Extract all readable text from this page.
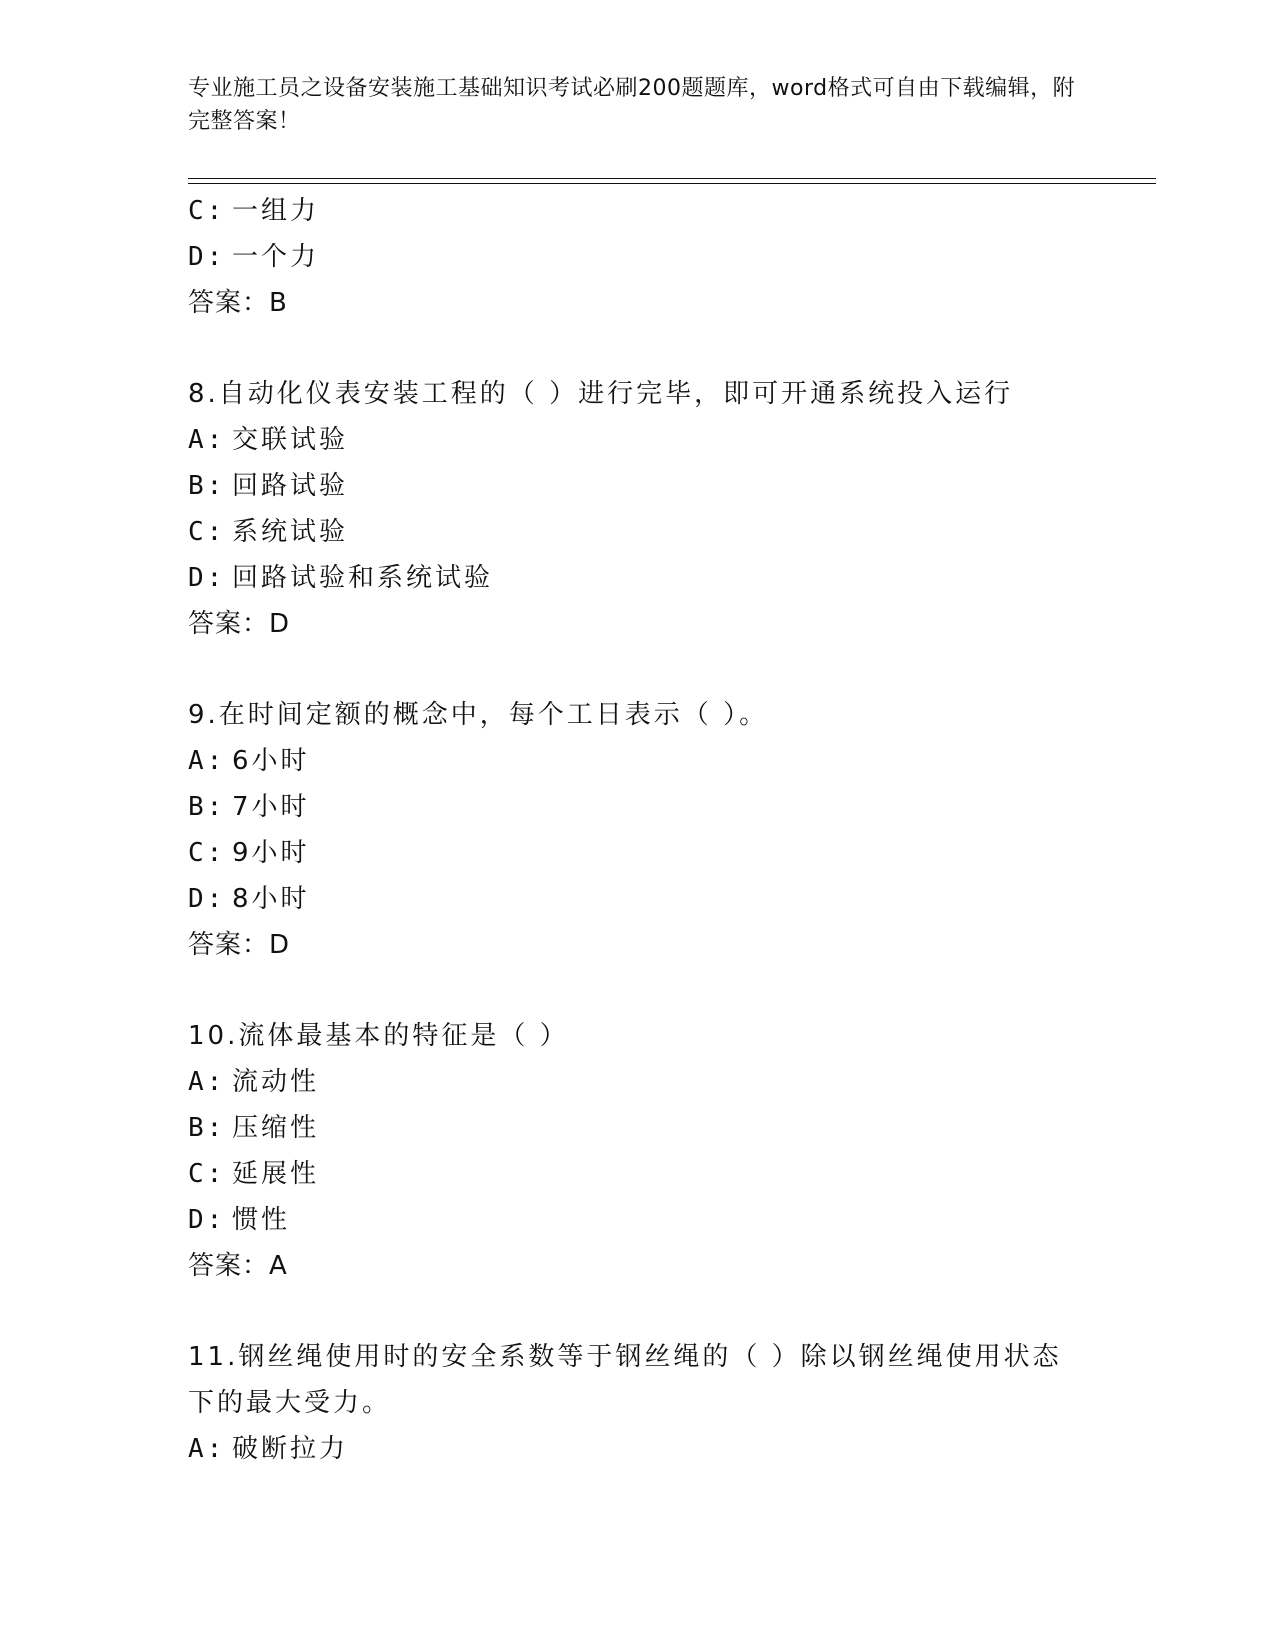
专业施工员之设备安装施工基础知识考试必刷200题题库，word格式可自由下载编辑，附完整答案！
C: 一组力
D: 一个力
答案：B
8.自动化仪表安装工程的（ ）进行完毕，即可开通系统投入运行
A: 交联试验
B: 回路试验
C: 系统试验
D: 回路试验和系统试验
答案：D
9.在时间定额的概念中，每个工日表示（ ）。
A: 6小时
B: 7小时
C: 9小时
D: 8小时
答案：D
10.流体最基本的特征是（ ）
A: 流动性
B: 压缩性
C: 延展性
D: 惯性
答案：A
11.钢丝绳使用时的安全系数等于钢丝绳的（ ）除以钢丝绳使用状态下的最大受力。
A: 破断拉力
